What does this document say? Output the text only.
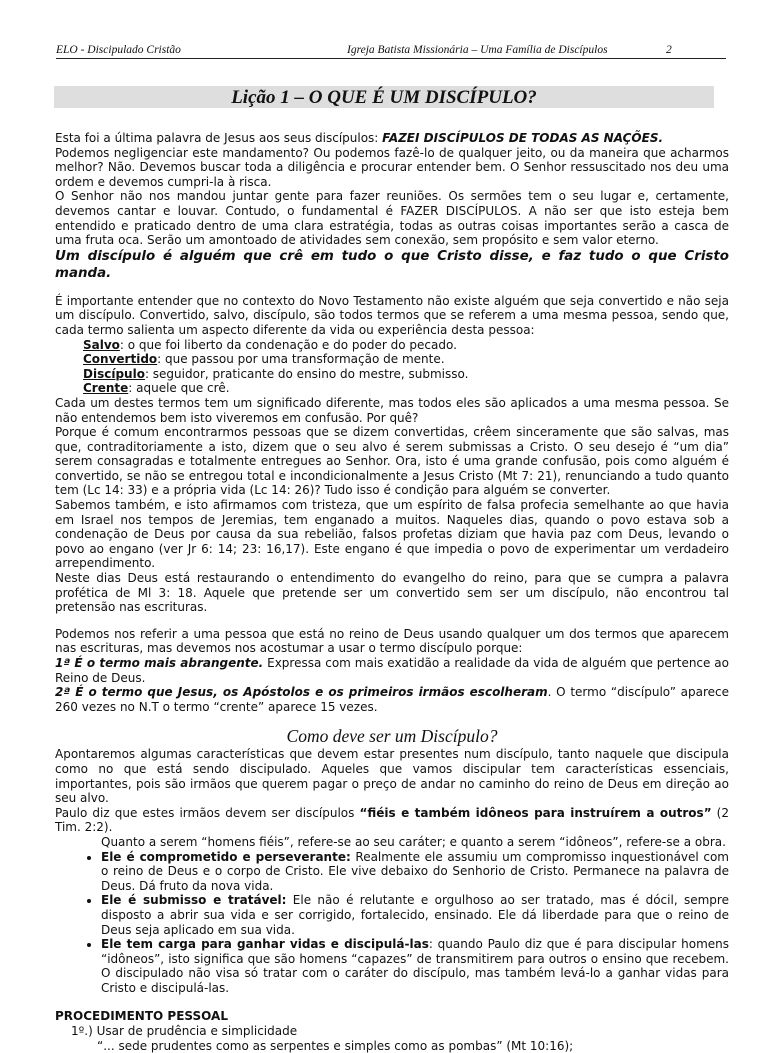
ELO - Discipulado Cristão	Igreja Batista Missionária – Uma Família de Discípulos	2
Lição 1 – O QUE É UM DISCÍPULO?

Esta foi a última palavra de Jesus aos seus discípulos: FAZEI DISCÍPULOS DE TODAS AS NAÇÕES.

Podemos negligenciar este mandamento? Ou podemos fazê-lo de qualquer jeito, ou da maneira que acharmos melhor? Não. Devemos buscar toda a diligência e procurar entender bem. O Senhor ressuscitado nos deu uma ordem e devemos cumpri-la à risca.

O Senhor não nos mandou juntar gente para fazer reuniões. Os sermões tem o seu lugar e, certamente, devemos cantar e louvar. Contudo, o fundamental é FAZER DISCÍPULOS. A não ser que isto esteja bem entendido e praticado dentro de uma clara estratégia, todas as outras coisas importantes serão a casca de uma fruta oca. Serão um amontoado de atividades sem conexão, sem propósito e sem valor eterno.

Um discípulo é alguém que crê em tudo o que Cristo disse, e faz tudo o que Cristo manda.

É importante entender que no contexto do Novo Testamento não existe alguém que seja convertido e não seja um discípulo. Convertido, salvo, discípulo, são todos termos que se referem a uma mesma pessoa, sendo que, cada termo salienta um aspecto diferente da vida ou experiência desta pessoa:

Salvo: o que foi liberto da condenação e do poder do pecado.

Convertido: que passou por uma transformação de mente.

Discípulo: seguidor, praticante do ensino do mestre, submisso.

Crente: aquele que crê.

Cada um destes termos tem um significado diferente, mas todos eles são aplicados a uma mesma pessoa. Se não entendemos bem isto viveremos em confusão. Por quê?

Porque é comum encontrarmos pessoas que se dizem convertidas, crêem sinceramente que são salvas, mas que, contraditoriamente a isto, dizem que o seu alvo é serem submissas a Cristo. O seu desejo é “um dia” serem consagradas e totalmente entregues ao Senhor. Ora, isto é uma grande confusão, pois como alguém é convertido, se não se entregou total e incondicionalmente a Jesus Cristo (Mt 7: 21), renunciando a tudo quanto tem (Lc 14: 33) e a própria vida (Lc 14: 26)? Tudo isso é condição para alguém se converter.

Sabemos também, e isto afirmamos com tristeza, que um espírito de falsa profecia semelhante ao que havia em Israel nos tempos de Jeremias, tem enganado a muitos. Naqueles dias, quando o povo estava sob a condenação de Deus por causa da sua rebelião, falsos profetas diziam que havia paz com Deus, levando o povo ao engano (ver Jr 6: 14; 23: 16,17). Este engano é que impedia o povo de experimentar um verdadeiro arrependimento.

Neste dias Deus está restaurando o entendimento do evangelho do reino, para que se cumpra a palavra profética de Ml 3: 18. Aquele que pretende ser um convertido sem ser um discípulo, não encontrou tal pretensão nas escrituras.

Podemos nos referir a uma pessoa que está no reino de Deus usando qualquer um dos termos que aparecem nas escrituras, mas devemos nos acostumar a usar o termo discípulo porque:

1ª É o termo mais abrangente. Expressa com mais exatidão a realidade da vida de alguém que pertence ao Reino de Deus.

2ª É o termo que Jesus, os Apóstolos e os primeiros irmãos escolheram. O termo “discípulo” aparece 260 vezes no N.T o termo “crente” aparece 15 vezes.

Como deve ser um Discípulo?

Apontaremos algumas características que devem estar presentes num discípulo, tanto naquele que discipula como no que está sendo discipulado. Aqueles que vamos discipular tem características essenciais, importantes, pois são irmãos que querem pagar o preço de andar no caminho do reino de Deus em direção ao seu alvo.

Paulo diz que estes irmãos devem ser discípulos “fiéis e também idôneos para instruírem a outros” (2 Tim. 2:2).

Quanto a serem “homens fiéis”, refere-se ao seu caráter; e quanto a serem “idôneos”, refere-se a obra.

• Ele é comprometido e perseverante: Realmente ele assumiu um compromisso inquestionável com o reino de Deus e o corpo de Cristo. Ele vive debaixo do Senhorio de Cristo. Permanece na palavra de Deus. Dá fruto da nova vida.
• Ele é submisso e tratável: Ele não é relutante e orgulhoso ao ser tratado, mas é dócil, sempre disposto a abrir sua vida e ser corrigido, fortalecido, ensinado. Ele dá liberdade para que o reino de Deus seja aplicado em sua vida.
• Ele tem carga para ganhar vidas e discipulá-las: quando Paulo diz que é para discipular homens “idôneos”, isto significa que são homens “capazes” de transmitirem para outros o ensino que recebem. O discipulado não visa só tratar com o caráter do discípulo, mas também levá-lo a ganhar vidas para Cristo e discipulá-las.

PROCEDIMENTO PESSOAL

1º.) Usar de prudência e simplicidade

“... sede prudentes como as serpentes e simples como as pombas” (Mt 10:16);
